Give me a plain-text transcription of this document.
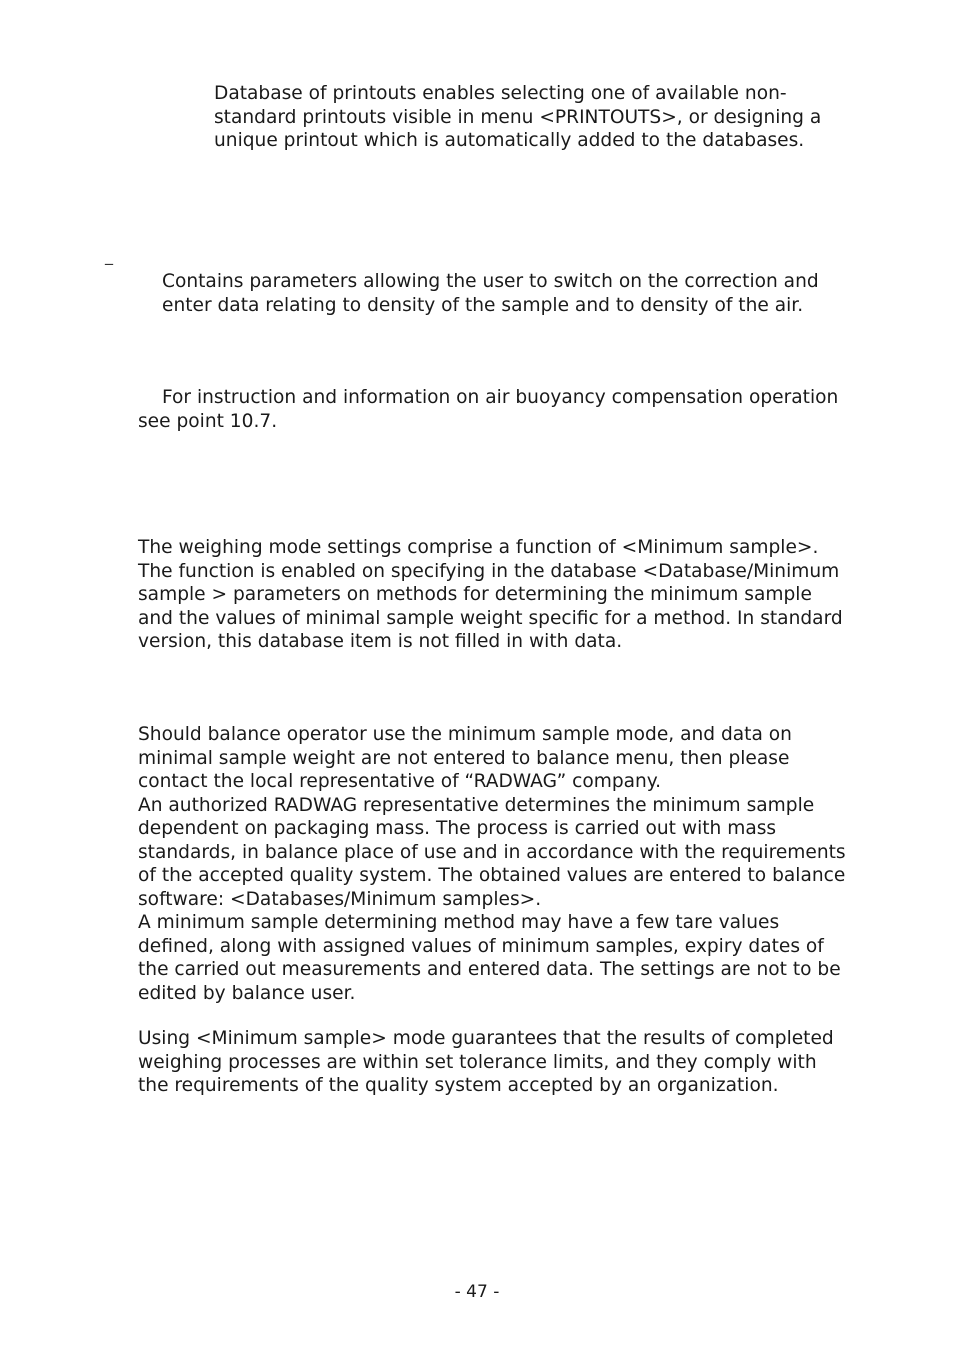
Database of printouts enables selecting one of available non-
standard printouts visible in menu <PRINTOUTS>, or designing a
unique printout which is automatically added to the databases.

_

Contains parameters allowing the user to switch on the correction and
enter data relating to density of the sample and to density of the air.

For instruction and information on air buoyancy compensation operation
see point 10.7.

The weighing mode settings comprise a function of <Minimum sample>.
The function is enabled on specifying in the database <Database/Minimum
sample > parameters on methods for determining the minimum sample
and the values of minimal sample weight specific for a method. In standard
version, this database item is not filled in with data.

Should balance operator use the minimum sample mode, and data on
minimal sample weight are not entered to balance menu, then please
contact the local representative of “RADWAG” company.
An authorized RADWAG representative determines the minimum sample
dependent on packaging mass. The process is carried out with mass
standards, in balance place of use and in accordance with the requirements
of the accepted quality system. The obtained values are entered to balance
software: <Databases/Minimum samples>.
A minimum sample determining method may have a few tare values
defined, along with assigned values of minimum samples, expiry dates of
the carried out measurements and entered data. The settings are not to be
edited by balance user.

Using <Minimum sample> mode guarantees that the results of completed
weighing processes are within set tolerance limits, and they comply with
the requirements of the quality system accepted by an organization.

- 47 -
